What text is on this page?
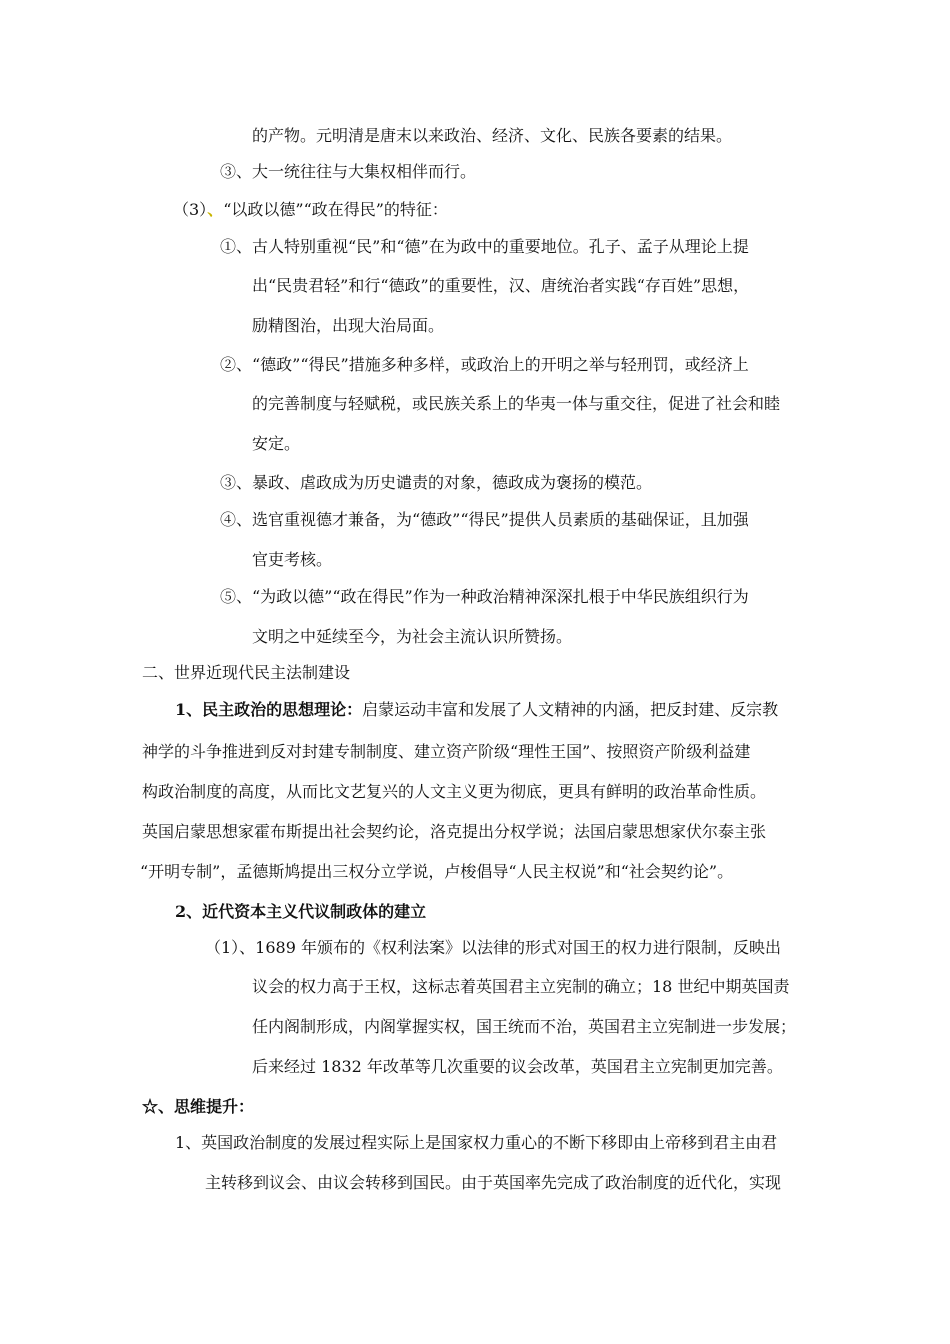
的产物。元明清是唐末以来政治、经济、文化、民族各要素的结果。
③、大一统往往与大集权相伴而行。
（3）、“以政以德”“政在得民”的特征：
①、古人特别重视“民”和“德”在为政中的重要地位。孔子、孟子从理论上提
出“民贵君轻”和行“德政”的重要性，汉、唐统治者实践“存百姓”思想，
励精图治，出现大治局面。
②、“德政”“得民”措施多种多样，或政治上的开明之举与轻刑罚，或经济上
的完善制度与轻赋税，或民族关系上的华夷一体与重交往，促进了社会和睦
安定。
③、暴政、虐政成为历史谴责的对象，德政成为褒扬的模范。
④、选官重视德才兼备，为“德政”“得民”提供人员素质的基础保证，且加强
官吏考核。
⑤、“为政以德”“政在得民”作为一种政治精神深深扎根于中华民族组织行为
文明之中延续至今，为社会主流认识所赞扬。
二、世界近现代民主法制建设
1、民主政治的思想理论：启蒙运动丰富和发展了人文精神的内涵，把反封建、反宗教
神学的斗争推进到反对封建专制制度、建立资产阶级“理性王国”、按照资产阶级利益建
构政治制度的高度，从而比文艺复兴的人文主义更为彻底，更具有鲜明的政治革命性质。
英国启蒙思想家霍布斯提出社会契约论，洛克提出分权学说；法国启蒙思想家伏尔泰主张
“开明专制”，孟德斯鸠提出三权分立学说，卢梭倡导“人民主权说”和“社会契约论”。
2、近代资本主义代议制政体的建立
（1）、1689 年颁布的《权利法案》以法律的形式对国王的权力进行限制，反映出
议会的权力高于王权，这标志着英国君主立宪制的确立；18 世纪中期英国责
任内阁制形成，内阁掌握实权，国王统而不治，英国君主立宪制进一步发展；
后来经过 1832 年改革等几次重要的议会改革，英国君主立宪制更加完善。
☆、思维提升：
1、英国政治制度的发展过程实际上是国家权力重心的不断下移即由上帝移到君主由君
主转移到议会、由议会转移到国民。由于英国率先完成了政治制度的近代化，实现
